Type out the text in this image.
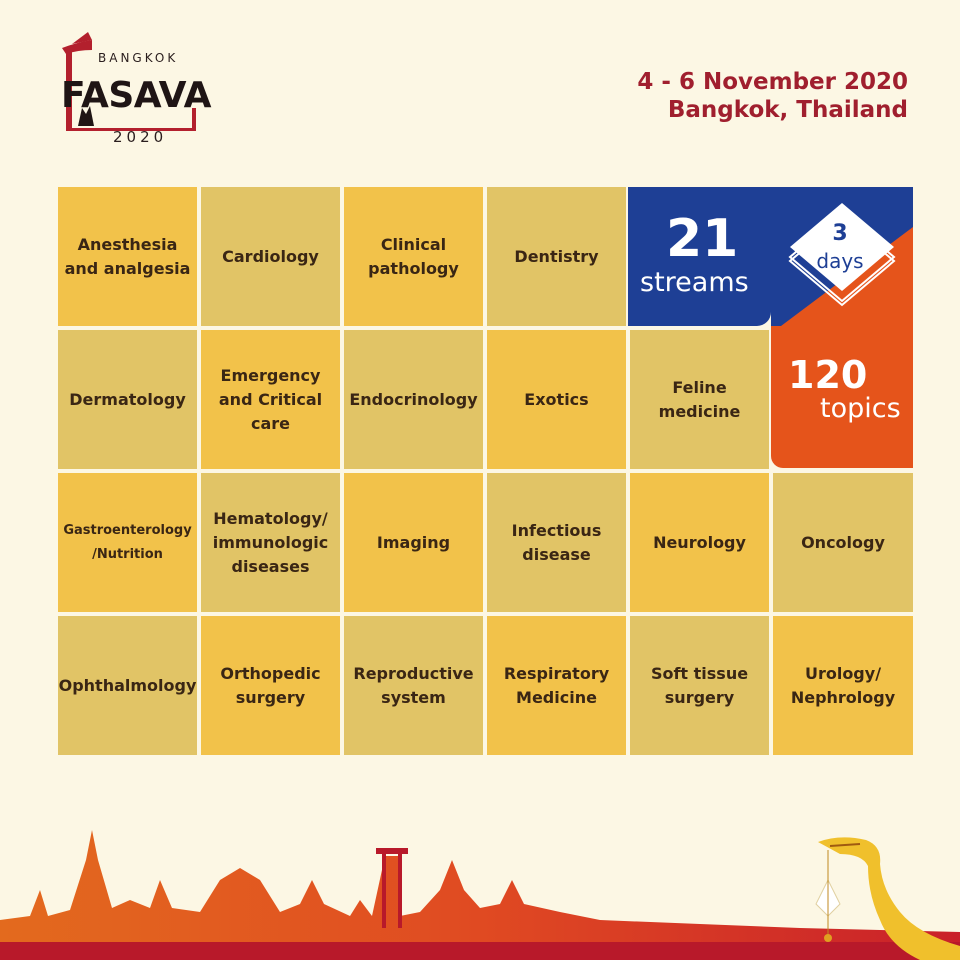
BANGKOK
FASAVA
2020
4 - 6 November 2020
Bangkok, Thailand
Anesthesia and analgesia
Cardiology
Clinical pathology
Dentistry
Dermatology
Emergency and Critical care
Endocrinology	Exotics
Feline medicine
Gastroenterology /Nutrition
Hematology/ immunologic diseases
Imaging
Infectious disease
Neurology	Oncology
Ophthalmology
Orthopedic surgery
Reproductive system
Respiratory Medicine
Soft tissue surgery
Urology/ Nephrology
21
streams
3
days
120
topics
